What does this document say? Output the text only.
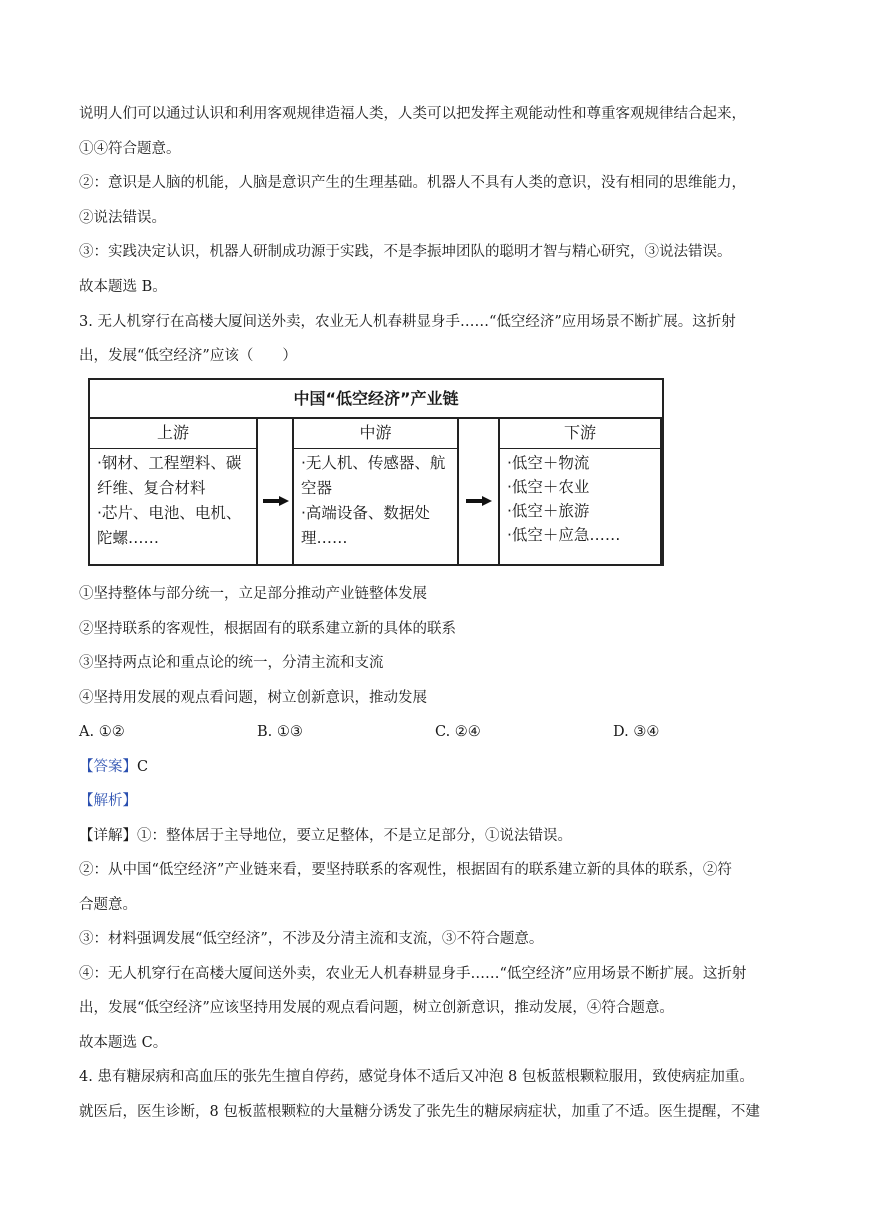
说明人们可以通过认识和利用客观规律造福人类，人类可以把发挥主观能动性和尊重客观规律结合起来，
①④符合题意。
②：意识是人脑的机能，人脑是意识产生的生理基础。机器人不具有人类的意识，没有相同的思维能力，
②说法错误。
③：实践决定认识，机器人研制成功源于实践，不是李振坤团队的聪明才智与精心研究，③说法错误。
故本题选 B。
3. 无人机穿行在高楼大厦间送外卖，农业无人机春耕显身手……“低空经济”应用场景不断扩展。这折射
出，发展“低空经济”应该（　　）
中国“低空经济”产业链
上游
·钢材、工程塑料、碳纤维、复合材料
·芯片、电池、电机、陀螺……
中游
·无人机、传感器、航空器
·高端设备、数据处理……
下游
·低空＋物流
·低空＋农业
·低空＋旅游
·低空＋应急……
①坚持整体与部分统一，立足部分推动产业链整体发展
②坚持联系的客观性，根据固有的联系建立新的具体的联系
③坚持两点论和重点论的统一，分清主流和支流
④坚持用发展的观点看问题，树立创新意识，推动发展
A. ①②	B. ①③	C. ②④	D. ③④
【答案】C
【解析】
【详解】①：整体居于主导地位，要立足整体，不是立足部分，①说法错误。
②：从中国“低空经济”产业链来看，要坚持联系的客观性，根据固有的联系建立新的具体的联系，②符
合题意。
③：材料强调发展“低空经济”，不涉及分清主流和支流，③不符合题意。
④：无人机穿行在高楼大厦间送外卖，农业无人机春耕显身手……“低空经济”应用场景不断扩展。这折射
出，发展“低空经济”应该坚持用发展的观点看问题，树立创新意识，推动发展，④符合题意。
故本题选 C。
4. 患有糖尿病和高血压的张先生擅自停药，感觉身体不适后又冲泡 8 包板蓝根颗粒服用，致使病症加重。
就医后，医生诊断，8 包板蓝根颗粒的大量糖分诱发了张先生的糖尿病症状，加重了不适。医生提醒，不建
